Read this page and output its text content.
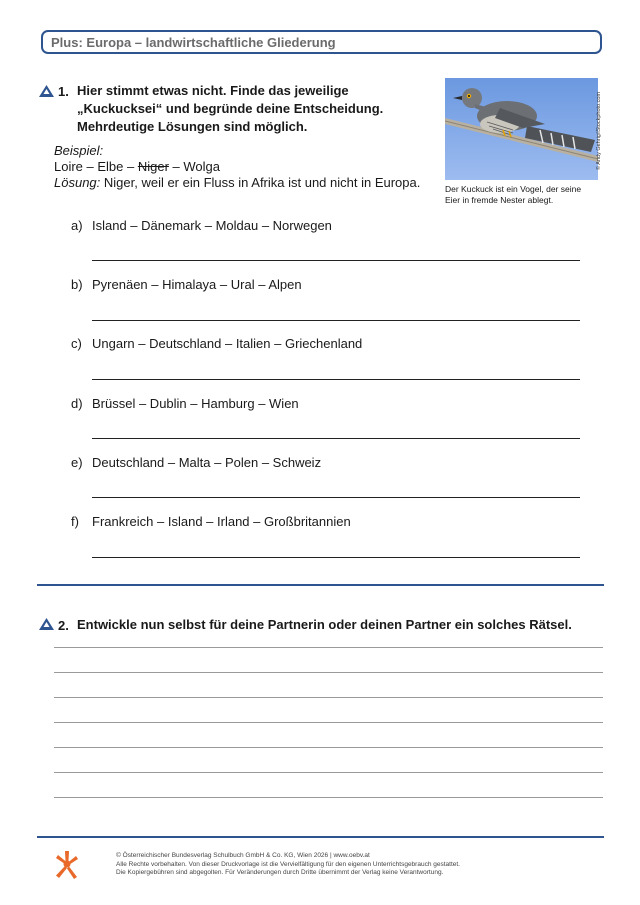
Plus: Europa – landwirtschaftliche Gliederung
1. Hier stimmt etwas nicht. Finde das jeweilige
„Kuckucksei“ und begründe deine Entscheidung.
Mehrdeutige Lösungen sind möglich.
Beispiel:
Loire – Elbe – Niger – Wolga
Lösung: Niger, weil er ein Fluss in Afrika ist und nicht in Europa.
© Andy Gehrig/iStockphoto.com
Der Kuckuck ist ein Vogel, der seine
Eier in fremde Nester ablegt.
a) Island – Dänemark – Moldau – Norwegen
b) Pyrenäen – Himalaya – Ural – Alpen
c) Ungarn – Deutschland – Italien – Griechenland
d) Brüssel – Dublin – Hamburg – Wien
e) Deutschland – Malta – Polen – Schweiz
f) Frankreich – Island – Irland – Großbritannien
2. Entwickle nun selbst für deine Partnerin oder deinen Partner ein solches Rätsel.
© Österreichischer Bundesverlag Schulbuch GmbH & Co. KG, Wien 2026 | www.oebv.at
Alle Rechte vorbehalten. Von dieser Druckvorlage ist die Vervielfältigung für den eigenen Unterrichtsgebrauch gestattet.
Die Kopiergebühren sind abgegolten. Für Veränderungen durch Dritte übernimmt der Verlag keine Verantwortung.
